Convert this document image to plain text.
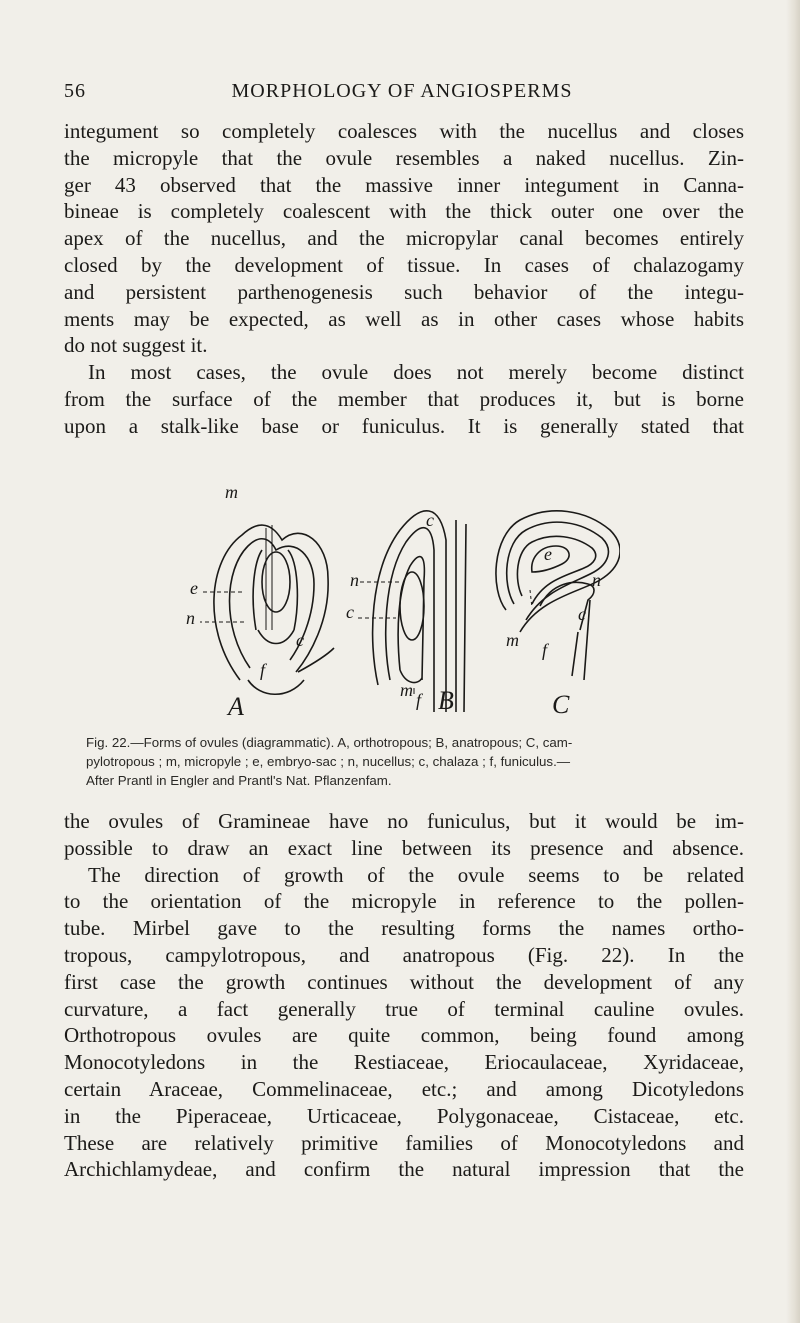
56	MORPHOLOGY OF ANGIOSPERMS
integument so completely coalesces with the nucellus and closes
the micropyle that the ovule resembles a naked nucellus. Zin-
ger 43 observed that the massive inner integument in Canna-
bineae is completely coalescent with the thick outer one over the
apex of the nucellus, and the micropylar canal becomes entirely
closed by the development of tissue. In cases of chalazogamy
and persistent parthenogenesis such behavior of the integu-
ments may be expected, as well as in other cases whose habits
do not suggest it.
In most cases, the ovule does not merely become distinct
from the surface of the member that produces it, but is borne
upon a stalk-like base or funiculus. It is generally stated that
m
e
n
c
f
n
c
c
m f
e
n
c
m f
A	B	C
Fig. 22.—Forms of ovules (diagrammatic). A, orthotropous; B, anatropous; C, cam-
pylotropous ; m, micropyle ; e, embryo-sac ; n, nucellus; c, chalaza ; f, funiculus.—
After Prantl in Engler and Prantl's Nat. Pflanzenfam.
the ovules of Gramineae have no funiculus, but it would be im-
possible to draw an exact line between its presence and absence.
The direction of growth of the ovule seems to be related
to the orientation of the micropyle in reference to the pollen-
tube. Mirbel gave to the resulting forms the names ortho-
tropous, campylotropous, and anatropous (Fig. 22). In the
first case the growth continues without the development of any
curvature, a fact generally true of terminal cauline ovules.
Orthotropous ovules are quite common, being found among
Monocotyledons in the Restiaceae, Eriocaulaceae, Xyridaceae,
certain Araceae, Commelinaceae, etc.; and among Dicotyledons
in the Piperaceae, Urticaceae, Polygonaceae, Cistaceae, etc.
These are relatively primitive families of Monocotyledons and
Archichlamydeae, and confirm the natural impression that the
